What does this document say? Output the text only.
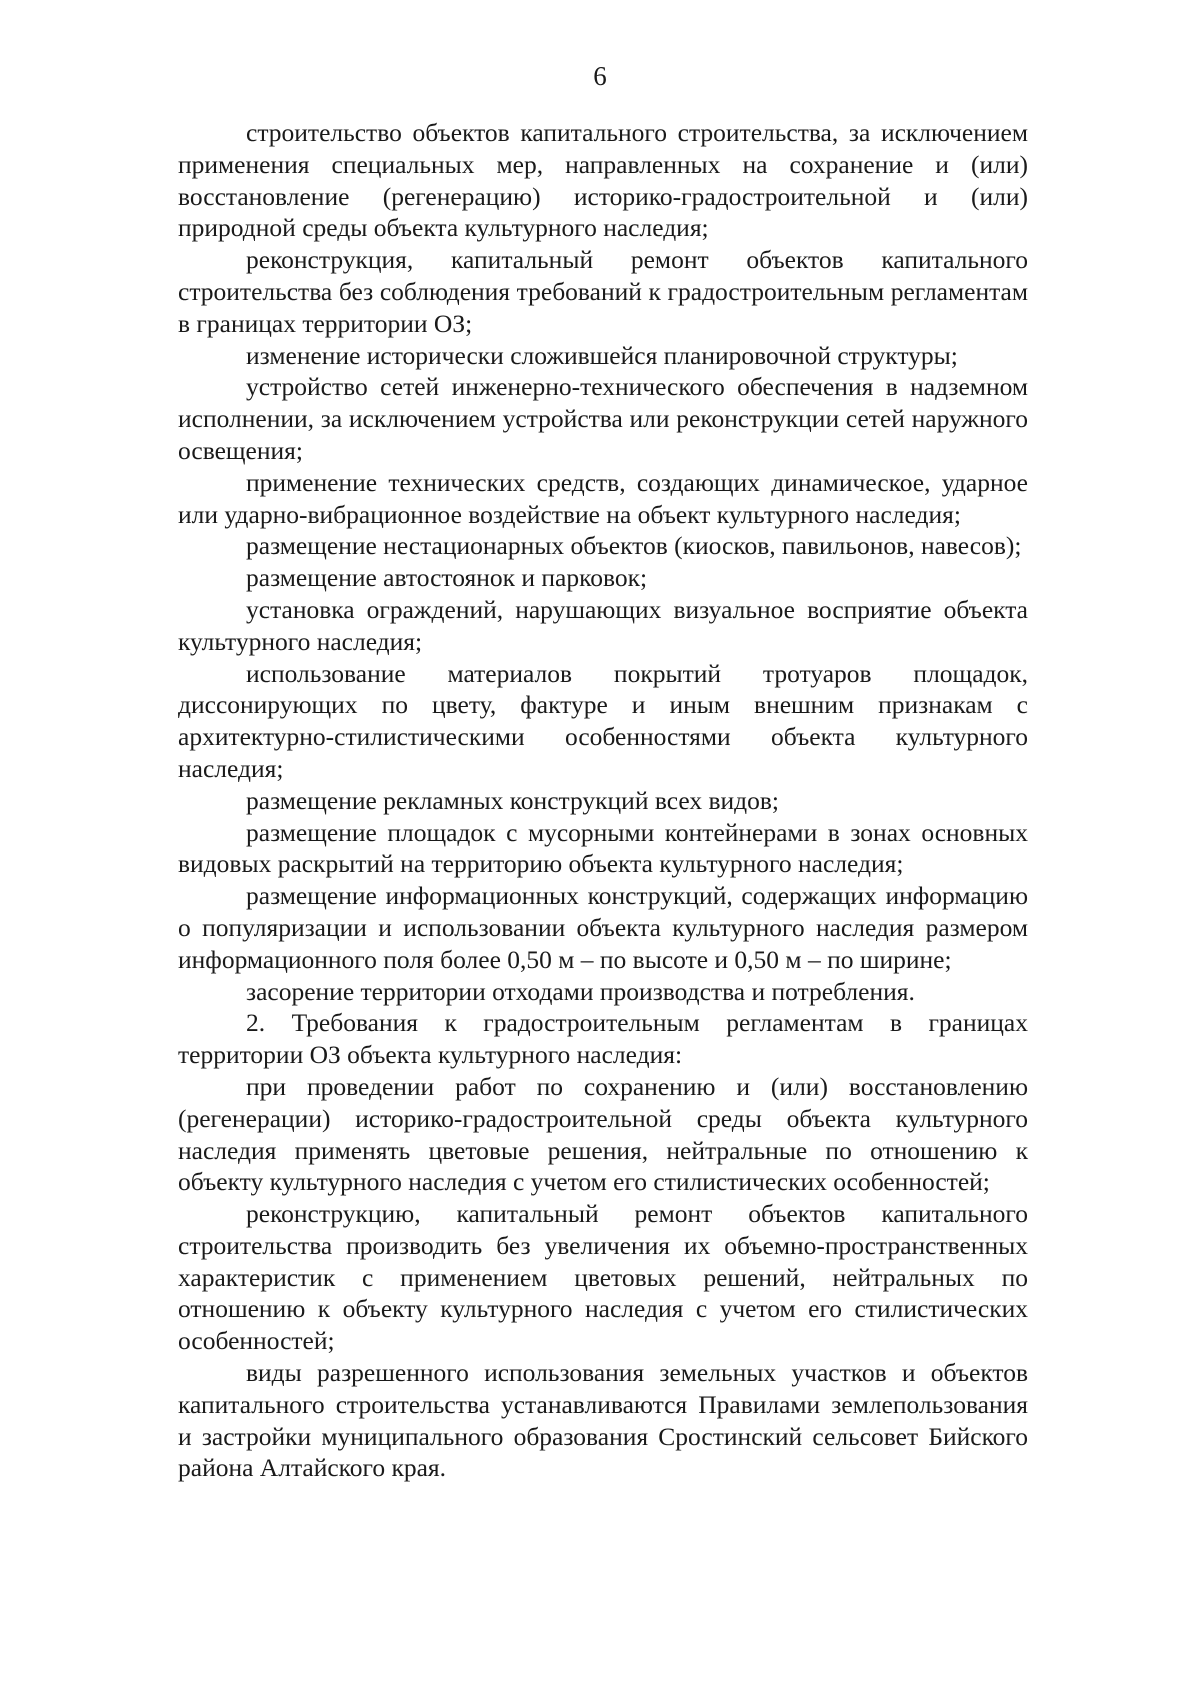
6

строительство объектов капитального строительства, за исключением применения специальных мер, направленных на сохранение и (или) восстановление (регенерацию) историко-градостроительной и (или) природной среды объекта культурного наследия;

реконструкция, капитальный ремонт объектов капитального строительства без соблюдения требований к градостроительным регламентам в границах территории ОЗ;

изменение исторически сложившейся планировочной структуры;

устройство сетей инженерно-технического обеспечения в надземном исполнении, за исключением устройства или реконструкции сетей наружного освещения;

применение технических средств, создающих динамическое, ударное или ударно-вибрационное воздействие на объект культурного наследия;

размещение нестационарных объектов (киосков, павильонов, навесов);

размещение автостоянок и парковок;

установка ограждений, нарушающих визуальное восприятие объекта культурного наследия;

использование материалов покрытий тротуаров площадок, диссонирующих по цвету, фактуре и иным внешним признакам с архитектурно-стилистическими особенностями объекта культурного наследия;

размещение рекламных конструкций всех видов;

размещение площадок с мусорными контейнерами в зонах основных видовых раскрытий на территорию объекта культурного наследия;

размещение информационных конструкций, содержащих информацию о популяризации и использовании объекта культурного наследия размером информационного поля более 0,50 м – по высоте и 0,50 м – по ширине;

засорение территории отходами производства и потребления.

2. Требования к градостроительным регламентам в границах территории ОЗ объекта культурного наследия:

при проведении работ по сохранению и (или) восстановлению (регенерации) историко-градостроительной среды объекта культурного наследия применять цветовые решения, нейтральные по отношению к объекту культурного наследия с учетом его стилистических особенностей;

реконструкцию, капитальный ремонт объектов капитального строительства производить без увеличения их объемно-пространственных характеристик с применением цветовых решений, нейтральных по отношению к объекту культурного наследия с учетом его стилистических особенностей;

виды разрешенного использования земельных участков и объектов капитального строительства устанавливаются Правилами землепользования и застройки муниципального образования Сростинский сельсовет Бийского района Алтайского края.
